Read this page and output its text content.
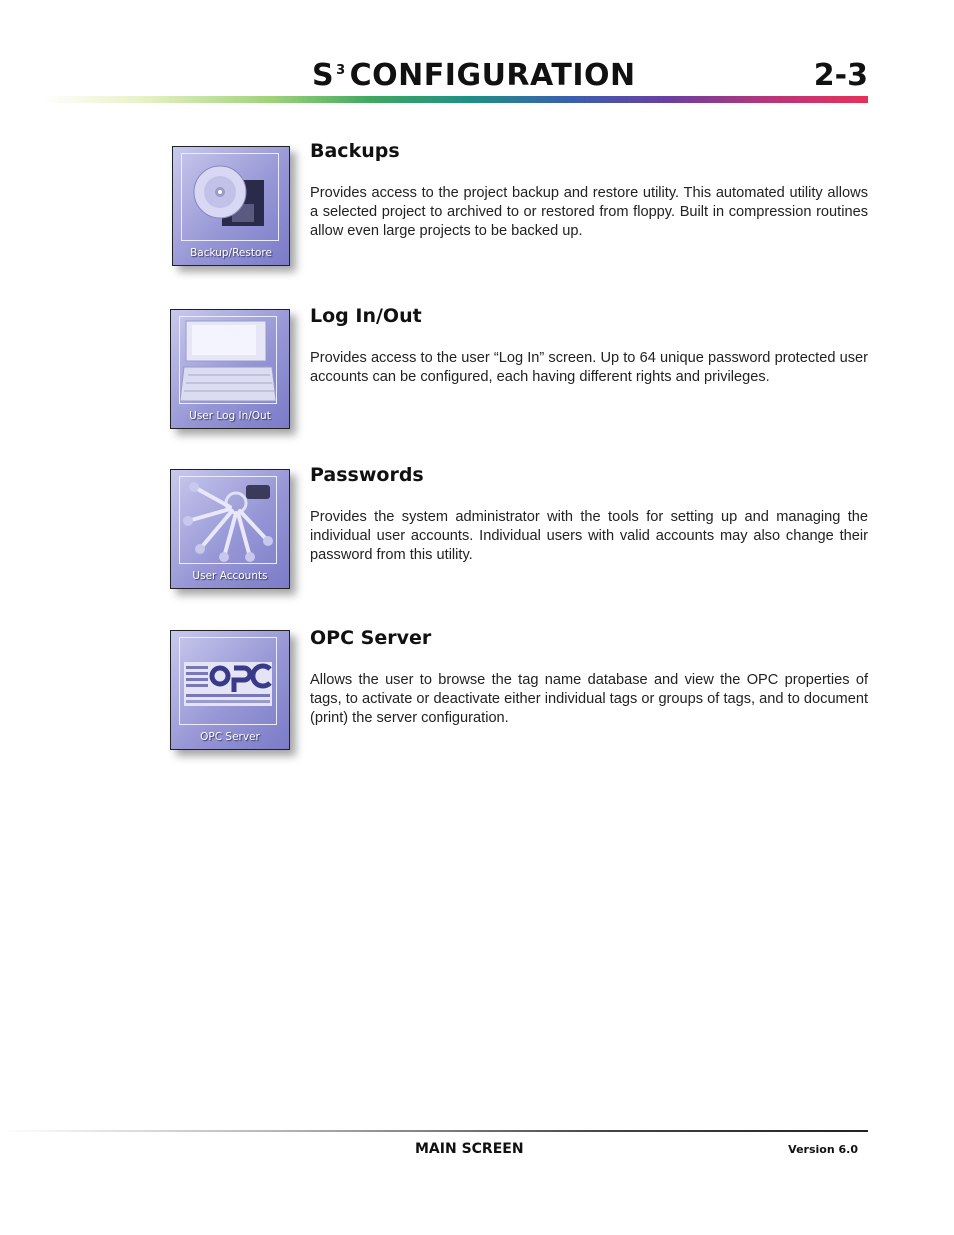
S $^3$ CONFIGURATION	2-3
Backup/Restore
Backups
Provides access to the project backup and restore utility. This automated utility allows a selected project to archived to or restored from floppy. Built in compression routines allow even large projects to be backed up.
User Log In/Out
Log In/Out
Provides access to the user “Log In” screen. Up to 64 unique password protected user accounts can be configured, each having different rights and privileges.
User Accounts
Passwords
Provides the system administrator with the tools for setting up and managing the individual user accounts. Individual users with valid accounts may also change their password from this utility.
OPC Server
OPC Server
Allows the user to browse the tag name database and view the OPC properties of tags, to activate or deactivate either individual tags or groups of tags, and to document (print) the server configuration.
MAIN SCREEN	Version 6.0
